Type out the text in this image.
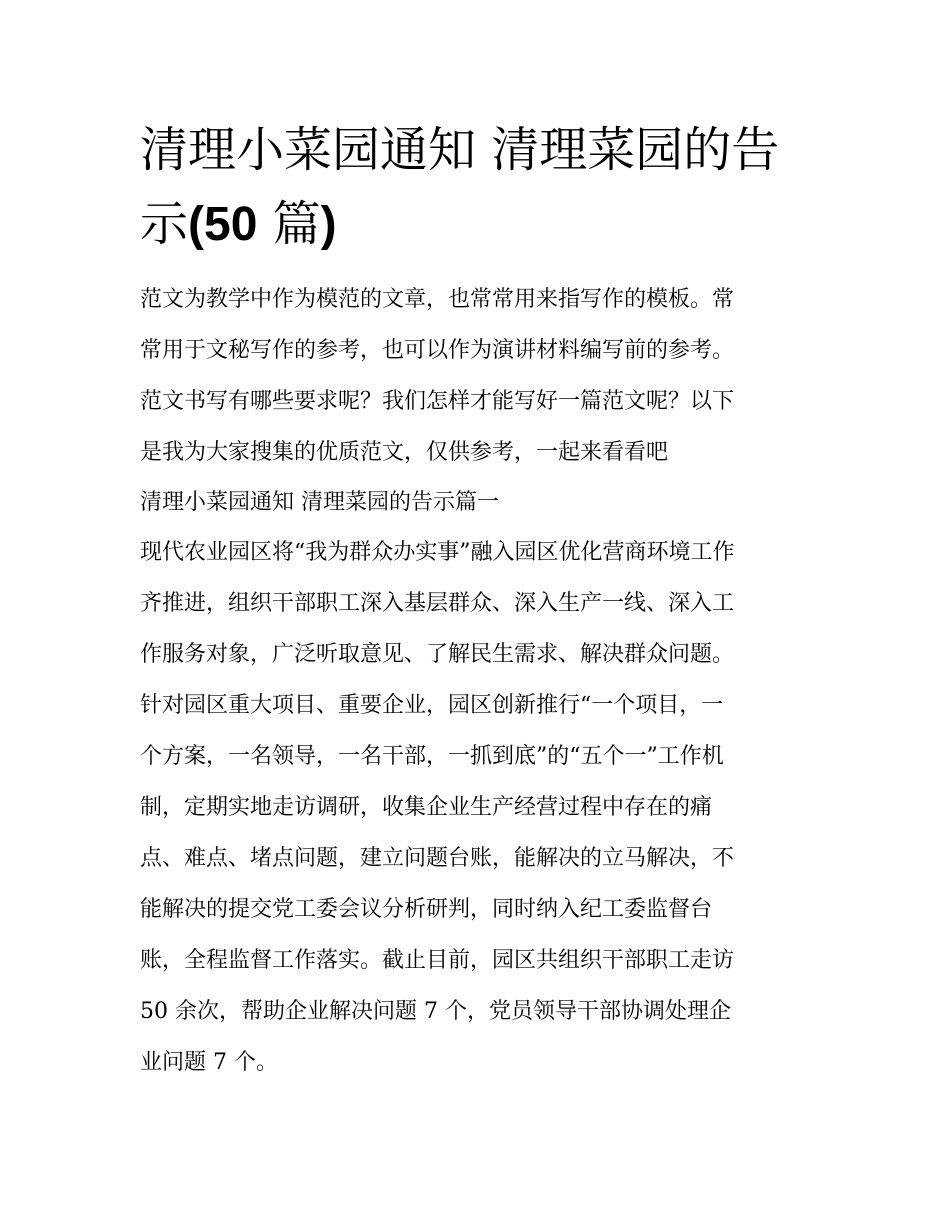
清理小菜园通知 清理菜园的告
示(50 篇)
范文为教学中作为模范的文章，也常常用来指写作的模板。常
常用于文秘写作的参考，也可以作为演讲材料编写前的参考。
范文书写有哪些要求呢？我们怎样才能写好一篇范文呢？以下
是我为大家搜集的优质范文，仅供参考，一起来看看吧
清理小菜园通知 清理菜园的告示篇一
现代农业园区将“我为群众办实事”融入园区优化营商环境工作
齐推进，组织干部职工深入基层群众、深入生产一线、深入工
作服务对象，广泛听取意见、了解民生需求、解决群众问题。
针对园区重大项目、重要企业，园区创新推行“一个项目，一
个方案，一名领导，一名干部，一抓到底”的“五个一”工作机
制，定期实地走访调研，收集企业生产经营过程中存在的痛
点、难点、堵点问题，建立问题台账，能解决的立马解决，不
能解决的提交党工委会议分析研判，同时纳入纪工委监督台
账，全程监督工作落实。截止目前，园区共组织干部职工走访
50 余次，帮助企业解决问题 7 个，党员领导干部协调处理企
业问题 7 个。
